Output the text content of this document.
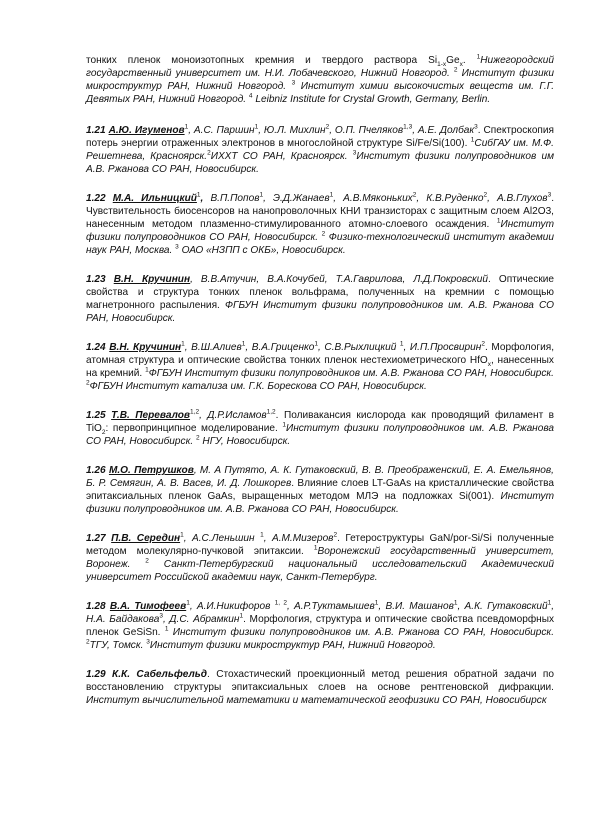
тонких пленок моноизотопных кремния и твердого раствора $Si_{1-x}Ge_x$. $^1$Нижегородский государственный университет им. Н.И. Лобачевского, Нижний Новгород. $^2$ Институт физики микроструктур РАН, Нижний Новгород. $^3$ Институт химии высокочистых веществ им. Г.Г. Девятых РАН, Нижний Новгород. $^4$ Leibniz Institute for Crystal Growth, Germany, Berlin.

1.21 А.Ю. Игуменов$^1$, А.С. Паршин$^1$, Ю.Л. Михлин$^2$, О.П. Пчеляков$^{1,3}$, А.Е. Долбак$^3$. Спектроскопия потерь энергии отраженных электронов в многослойной структуре Si/Fe/Si(100). $^1$СибГАУ им. М.Ф. Решетнева, Красноярск.$^2$ИХХТ СО РАН, Красноярск. $^3$Институт физики полупроводников им А.В. Ржанова СО РАН, Новосибирск.

1.22 М.А. Ильницкий$^1$, В.П.Попов$^1$, Э.Д.Жанаев$^1$, А.В.Мяконьких$^2$, К.В.Руденко$^2$, А.В.Глухов$^3$. Чувствительность биосенсоров на нанопроволочных КНИ транзисторах с защитным слоем Al2O3, нанесенным методом плазменно-стимулированного атомно-слоевого осаждения. $^1$Институт физики полупроводников СО РАН, Новосибирск. $^2$ Физико-технологический институт академии наук РАН, Москва. $^3$ ОАО «НЗПП с ОКБ», Новосибирск.

1.23 В.Н. Кручинин, В.В.Атучин, В.А.Кочубей, Т.А.Гаврилова, Л.Д.Покровский. Оптические свойства и структура тонких пленок вольфрама, полученных на кремнии с помощью магнетронного распыления. ФГБУН Институт физики полупроводников им. А.В. Ржанова СО РАН, Новосибирск.

1.24 В.Н. Кручинин$^1$, В.Ш.Алиев$^1$, В.А.Гриценко$^1$, С.В.Рыхлицкий $^1$, И.П.Просвирин$^2$. Морфология, атомная структура и оптические свойства тонких пленок нестехиометрического HfO$_x$, нанесенных на кремний. $^1$ФГБУН Институт физики полупроводников им. А.В. Ржанова СО РАН, Новосибирск. $^2$ФГБУН Институт катализа им. Г.К. Борескова СО РАН, Новосибирск.

1.25 Т.В. Перевалов$^{1,2}$, Д.Р.Исламов$^{1,2}$. Поливакансия кислорода как проводящий филамент в TiO$_2$: первопринципное моделирование. $^1$Институт физики полупроводников им. А.В. Ржанова СО РАН, Новосибирск. $^2$ НГУ, Новосибирск.

1.26 М.О. Петрушков, М. А Путято, А. К. Гутаковский, В. В. Преображенский, Е. А. Емельянов, Б. Р. Семягин, А. В. Васев, И. Д. Лошкорев. Влияние слоев LT-GaAs на кристаллические свойства эпитаксиальных пленок GaAs, выращенных методом МЛЭ на подложках Si(001). Институт физики полупроводников им. А.В. Ржанова СО РАН, Новосибирск.

1.27 П.В. Середин$^1$, А.С.Леньшин $^1$, А.М.Мизеров$^2$. Гетероструктуры GaN/por-Si/Si полученные методом молекулярно-пучковой эпитаксии. $^1$Воронежский государственный университет, Воронеж. $^2$ Санкт-Петербургский национальный исследовательский Академический университет Российской академии наук, Санкт-Петербург.

1.28 В.А. Тимофеев$^1$, А.И.Никифоров $^{1, 2}$, А.Р.Туктамышев$^1$, В.И. Машанов$^1$, А.К. Гутаковский$^1$, Н.А. Байдакова$^3$, Д.С. Абрамкин$^1$. Морфология, структура и оптические свойства псевдоморфных пленок GeSiSn. $^1$ Институт физики полупроводников им. А.В. Ржанова СО РАН, Новосибирск. $^2$ТГУ, Томск. $^3$Институт физики микроструктур РАН, Нижний Новгород.

1.29 К.К. Сабельфельд. Стохастический проекционный метод решения обратной задачи по восстановлению структуры эпитаксиальных слоев на основе рентгеновской дифракции. Институт вычислительной математики и математической геофизики СО РАН, Новосибирск
